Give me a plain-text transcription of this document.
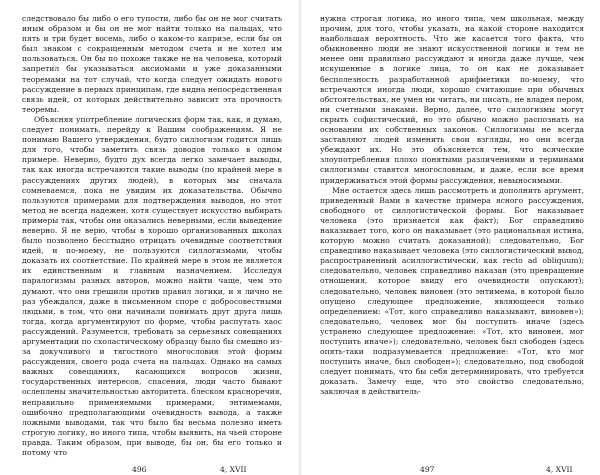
следствовало бы либо о его тупости, либо бы он не мог считать иным образом и бы он не мог найти только на пальцах, что пять и три будет восемь, либо о каком-то капризе, если бы он был знаком с сокращенным методом счета и не хотел им пользоваться. Он бы по похоже также не на человека, который запретил бы указываться аксиомами и уже доказанными теоремами на тот случай, что когда следует ожидать нового рассуждение в первых принципам, где видна непосредственная связь идей, от которых действительно зависит эта прочность теоремы.

Объясняя употребление логических форм так, как, я думаю, следует понимать, перейду к Вашим соображениям. Я не понимаю Вашего утверждения, будто силлогизм годится лишь для того, чтобы заметить связь доводов только в одном примере. Неверно, будто дух всегда легко замечает выводы, так как иногда встречаются такие выводы (по крайней мере в рассуждениях других людей), в которых мы сначала сомневаемся, пока не увидим их доказательства. Обычно пользуются примерами для подтверждения выводов, но этот метод не всегда надежен, хотя существует искусство выбирать примеры так, чтобы они оказались неверными, если выведение неверно. Я не верю, чтобы в хорошо организованных школах было позволено бесстыдно отрицать очевидные соответствия идей, и по-моему, не пользуются силлогизмами, чтобы доказать их соответствие. По крайней мере в этом не является их единственным и главным назначением. Исследуя паралогизмы разных авторов, можно найти чаще, чем это думают, что они грешили против правил логики, и я лично не раз убеждался, даже в письменном споре с добросовестными людьми, в том, что они начинали понимать друг друга лишь тогда, когда аргументируют по форме, чтобы распутать хаос рассуждений. Разумеется, требовать за серьезных совещаниях аргументации по схоластическому образцу было бы смешно из-за докучливого и тягостного многословия этой формы рассуждения, своего рода счета на пальцах. Однако на самых важных совещаниях, касающихся вопросов жизни, государственных интересов, спасения, люди часто бывают ослеплены значительностью авторитета. блеском красноречия, неправильно применяемыми примерами, энтимемами, ошибочно предполагающими очевидность вывода, а также ложными выводами, так что было бы весьма полезно иметь строгую логику, но иного типа, чтобы выявить, на чьей стороне правда. Таким образом, при выводе, бы он, бы его только и потому что

496	4, XVII

нужна строгая логика, но иного типа, чем школьная, между прочим, для того, чтобы указать, на какой стороне находится наибольшая вероятность. Что же касается того факта, что обыкновенно люди не знают искусственной логики и тем не менее они правильно рассуждают и иногда даже лучше, чем искушенные в логике лица, то он как не доказывает бесполезность разработанной арифметики по-моему, что встречаются иногда люди, хорошо считающие при обычных обстоятельствах, не умея ни читать, ни писать, не владея пером, ни счетными знаками. Верно, далее, что силлогизмы могут скрыть софистический, но это обычно можно распознать на основании их собственных законов. Силлогизмы не всегда заставляют людей изменить свои взгляды, но они всегда убеждают их. Но это объясняется тем, что всяческие злоупотребления плохо понятыми различениями и терминами силлогизмы ставятся многословным, и даже, если все время придерживаться этой формы рассуждения, невыносимыми.

Мне остается здесь лишь рассмотреть и дополнить аргумент, приведенный Вами в качестве примера ясного рассуждения, свободного от силлогистической формы. Бог наказывает человека (это признается как факт); Бог справедливо наказывает того, кого он наказывает (это рациональная истина, которую можно считать доказанной); следовательно, Бог справедливо наказывает человека (это силлогистический вывод, распространенный асиллогистически, как recto ad obliquum); следовательно, человек справедливо наказан (это превращение отношения, которое ввиду его очевидности опускают); следовательно, человек виновен (это энтимема, в которой было опущено следующее предложение, являющееся только определением: «Тот, кого справедливо наказывают, виновен»); следовательно, человек мог бы поступить иначе (здесь устранено следующее предложение: «Тот, кто виновен, мог поступить иначе»); следовательно, человек был свободен (здесь опять-таки подразумевается предложение: «Тот, кто мог поступить иначе, был свободен»); следовательно, под свободой следует понимать, что бы себя детерминировать, что требуется доказать. Замечу еще, что это свойство следовательно, заключая в действитель-

497	4, XVII
